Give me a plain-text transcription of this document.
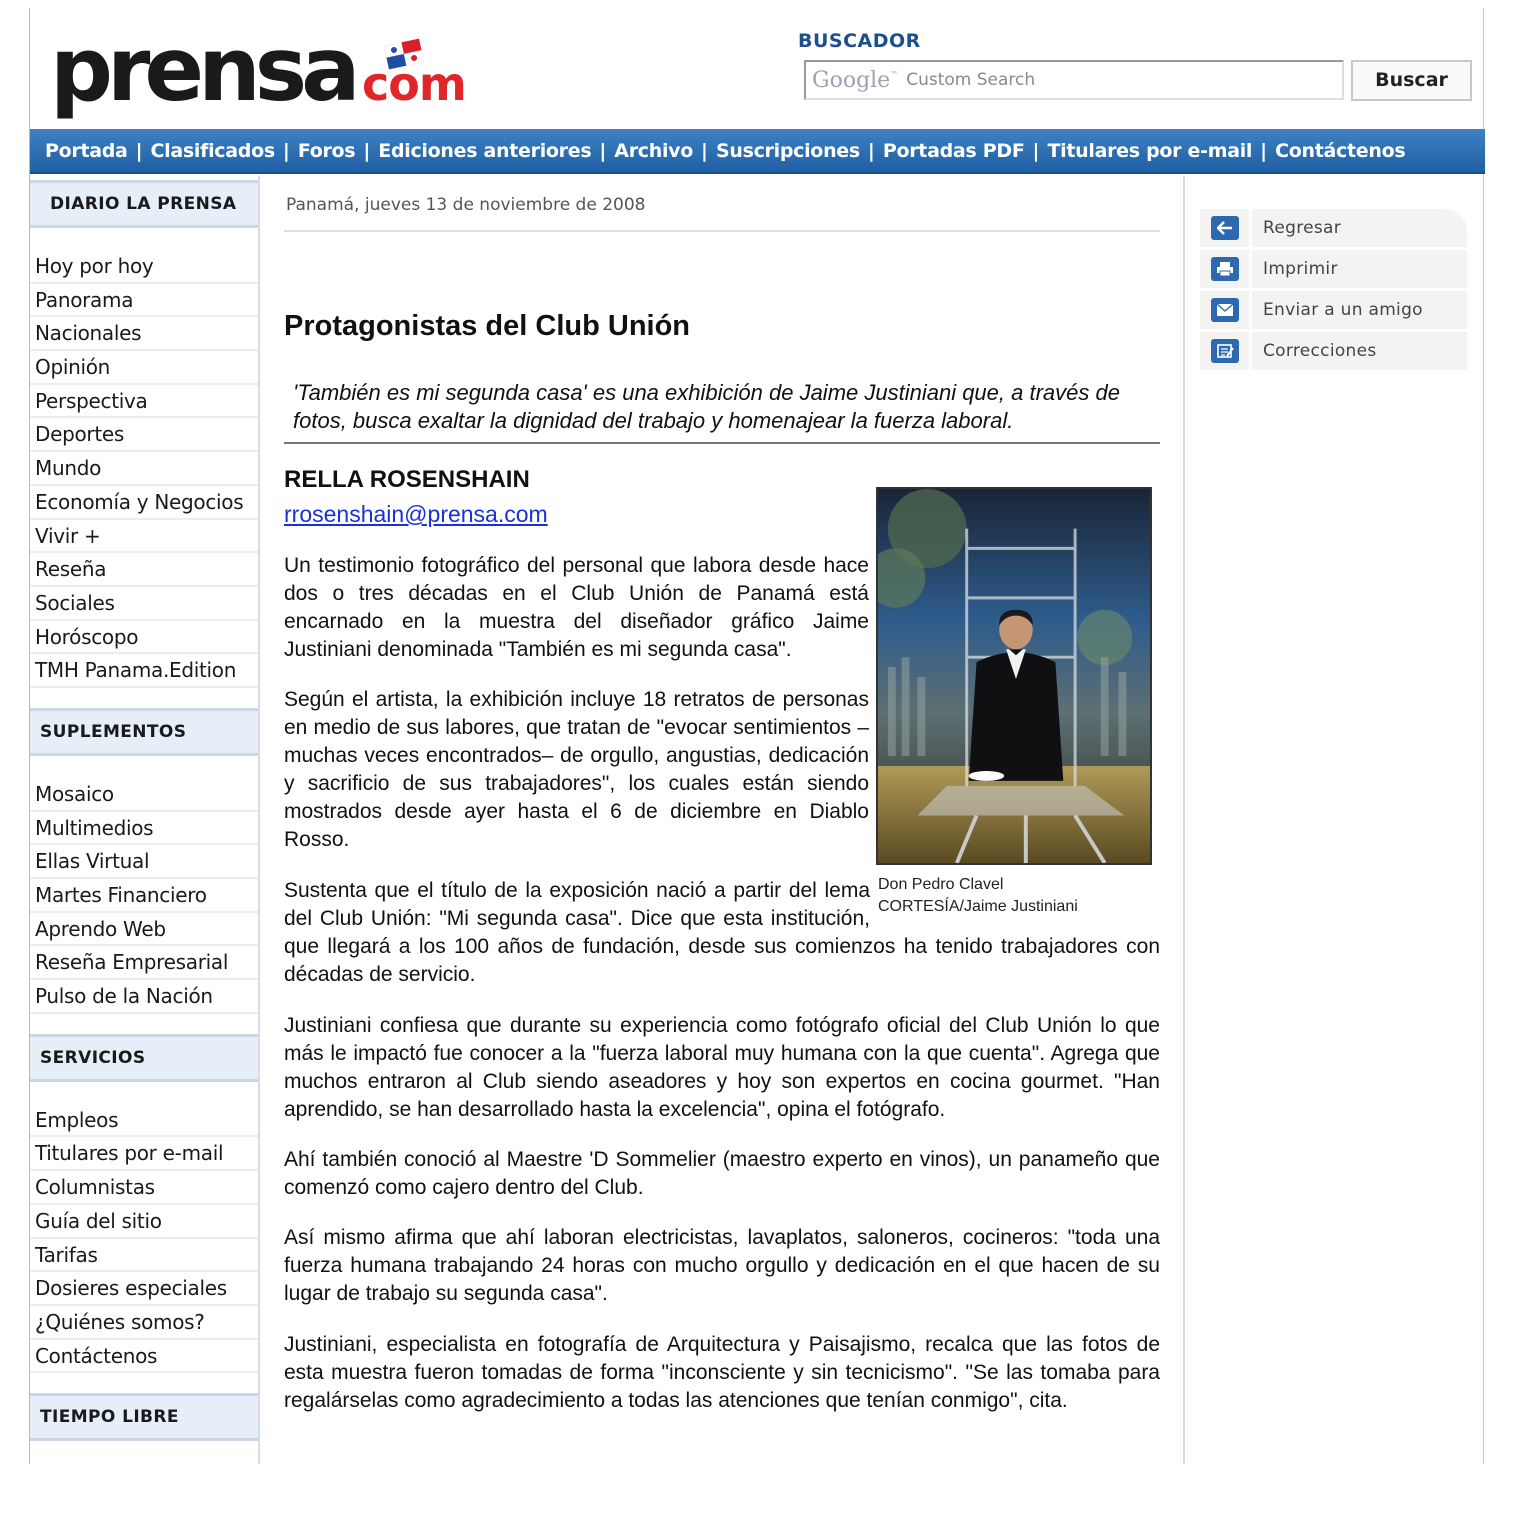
prensa com
BUSCADOR
Google ™ Custom Search	Buscar
Portada | Clasificados | Foros | Ediciones anteriores | Archivo | Suscripciones | Portadas PDF | Titulares por e-mail | Contáctenos
DIARIO LA PRENSA
Hoy por hoy
Panorama
Nacionales
Opinión
Perspectiva
Deportes
Mundo
Economía y Negocios
Vivir +
Reseña
Sociales
Horóscopo
TMH Panama.Edition
SUPLEMENTOS
Mosaico
Multimedios
Ellas Virtual
Martes Financiero
Aprendo Web
Reseña Empresarial
Pulso de la Nación
SERVICIOS
Empleos
Titulares por e-mail
Columnistas
Guía del sitio
Tarifas
Dosieres especiales
¿Quiénes somos?
Contáctenos
TIEMPO LIBRE
Panamá, jueves 13 de noviembre de 2008
Protagonistas del Club Unión
'También es mi segunda casa' es una exhibición de Jaime Justiniani que, a través de fotos, busca exaltar la dignidad del trabajo y homenajear la fuerza laboral.
RELLA ROSENSHAIN
rrosenshain@prensa.com
Don Pedro Clavel
CORTESÍA/Jaime Justiniani

Un testimonio fotográfico del personal que labora desde hace dos o tres décadas en el Club Unión de Panamá está encarnado en la muestra del diseñador gráfico Jaime Justiniani denominada "También es mi segunda casa".

Según el artista, la exhibición incluye 18 retratos de personas en medio de sus labores, que tratan de "evocar sentimientos –muchas veces encontrados– de orgullo, angustias, dedicación y sacrificio de sus trabajadores", los cuales están siendo mostrados desde ayer hasta el 6 de diciembre en Diablo Rosso.

Sustenta que el título de la exposición nació a partir del lema del Club Unión: "Mi segunda casa". Dice que esta institución, que llegará a los 100 años de fundación, desde sus comienzos ha tenido trabajadores con décadas de servicio.

Justiniani confiesa que durante su experiencia como fotógrafo oficial del Club Unión lo que más le impactó fue conocer a la "fuerza laboral muy humana con la que cuenta". Agrega que muchos entraron al Club siendo aseadores y hoy son expertos en cocina gourmet. "Han aprendido, se han desarrollado hasta la excelencia", opina el fotógrafo.

Ahí también conoció al Maestre 'D Sommelier (maestro experto en vinos), un panameño que comenzó como cajero dentro del Club.

Así mismo afirma que ahí laboran electricistas, lavaplatos, saloneros, cocineros: "toda una fuerza humana trabajando 24 horas con mucho orgullo y dedicación en el que hacen de su lugar de trabajo su segunda casa".

Justiniani, especialista en fotografía de Arquitectura y Paisajismo, recalca que las fotos de esta muestra fueron tomadas de forma "inconsciente y sin tecnicismo". "Se las tomaba para regalárselas como agradecimiento a todas las atenciones que tenían conmigo", cita.

Regresar
Imprimir
Enviar a un amigo
Correcciones
